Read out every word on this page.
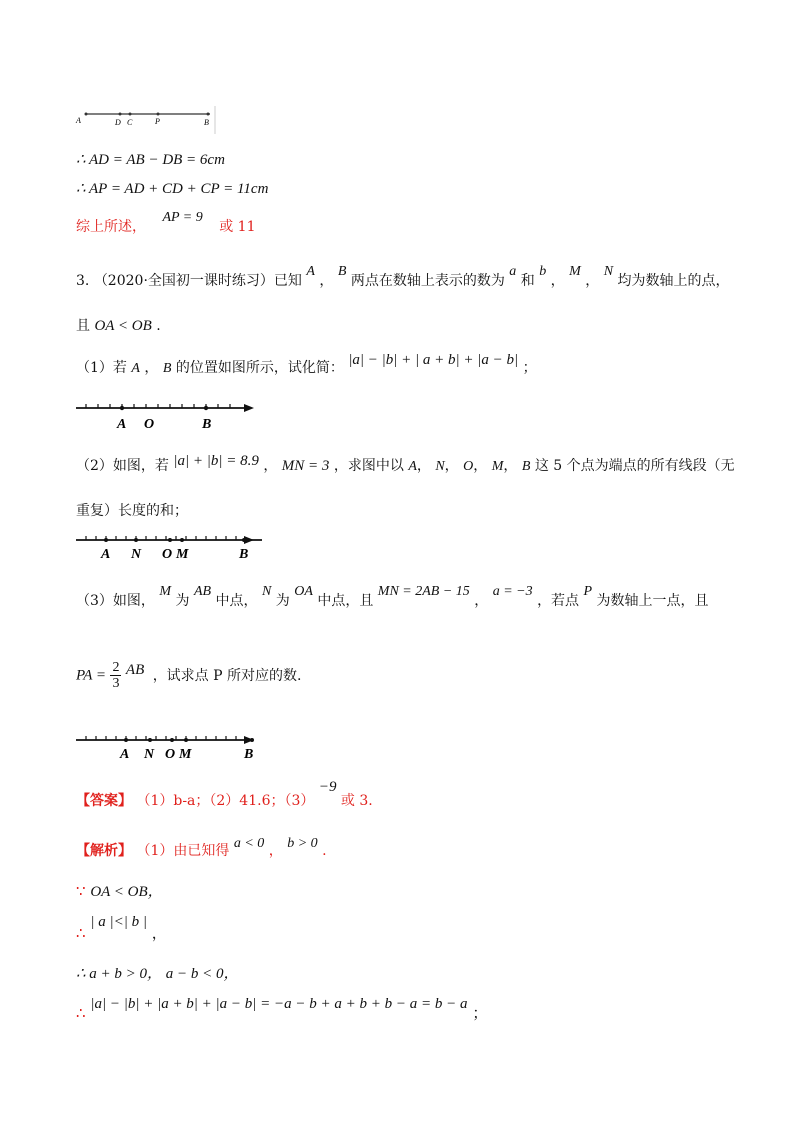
A	D C	P	B
∴ AD = AB − DB = 6cm
∴ AP = AD + CD + CP = 11cm
综上所述， AP = 9 或 11
3. （2020·全国初一课时练习）已知 A ， B 两点在数轴上表示的数为 a 和 b ， M ， N 均为数轴上的点，
且 OA < OB .
（1）若 A ， B 的位置如图所示，试化简： |a| − |b| + | a + b| + |a − b| ；
A O	B
（2）如图，若 |a| + |b| = 8.9 ， MN = 3 ，求图中以 A， N， O， M， B 这 5 个点为端点的所有线段（无
重复）长度的和；
A N O M	B
（3）如图， M 为 AB 中点， N 为 OA 中点，且 MN = 2AB − 15 ， a = −3 ，若点 P 为数轴上一点，且
PA = $\frac{2}{3}$ AB ，试求点 P 所对应的数.
A N O M	B
【答案】 （1）b-a；（2）41.6；（3） −9 或 3.
【解析】 （1）由已知得 a < 0 ， b > 0 .
∵ OA < OB，
∴ | a |<| b | ，
∴ a + b > 0， a − b < 0，
∴ |a| − |b| + |a + b| + |a − b| = −a − b + a + b + b − a = b − a ；
